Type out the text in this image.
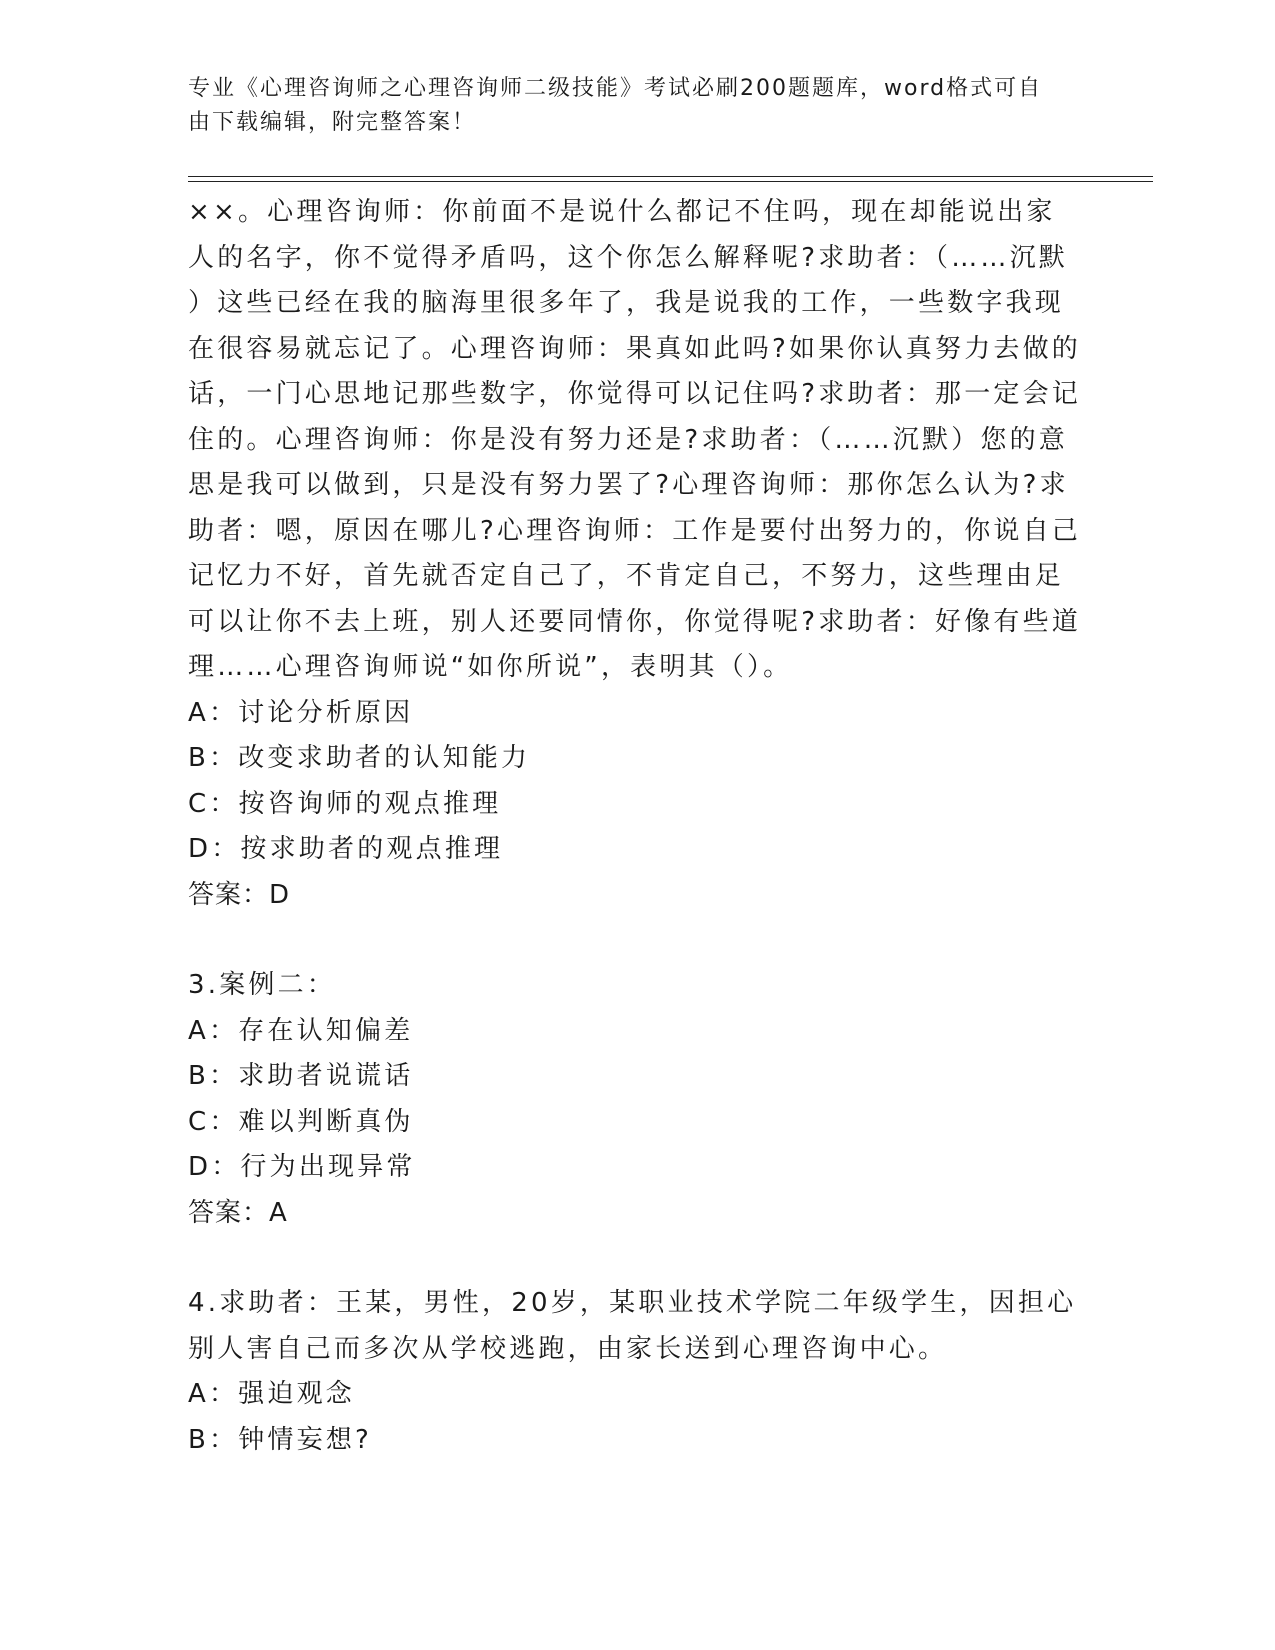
专业《心理咨询师之心理咨询师二级技能》考试必刷200题题库，word格式可自
由下载编辑，附完整答案！

××。心理咨询师：你前面不是说什么都记不住吗，现在却能说出家
人的名字，你不觉得矛盾吗，这个你怎么解释呢?求助者：（……沉默
）这些已经在我的脑海里很多年了，我是说我的工作，一些数字我现
在很容易就忘记了。心理咨询师：果真如此吗?如果你认真努力去做的
话，一门心思地记那些数字，你觉得可以记住吗?求助者：那一定会记
住的。心理咨询师：你是没有努力还是?求助者：（……沉默）您的意
思是我可以做到，只是没有努力罢了?心理咨询师：那你怎么认为?求
助者：嗯，原因在哪儿?心理咨询师：工作是要付出努力的，你说自己
记忆力不好，首先就否定自己了，不肯定自己，不努力，这些理由足
可以让你不去上班，别人还要同情你，你觉得呢?求助者：好像有些道
理……心理咨询师说“如你所说”，表明其（）。

A：讨论分析原因

B：改变求助者的认知能力

C：按咨询师的观点推理

D：按求助者的观点推理

答案：D

3.案例二：

A：存在认知偏差

B：求助者说谎话

C：难以判断真伪

D：行为出现异常

答案：A

4.求助者：王某，男性，20岁，某职业技术学院二年级学生，因担心
别人害自己而多次从学校逃跑，由家长送到心理咨询中心。

A：强迫观念

B：钟情妄想?
